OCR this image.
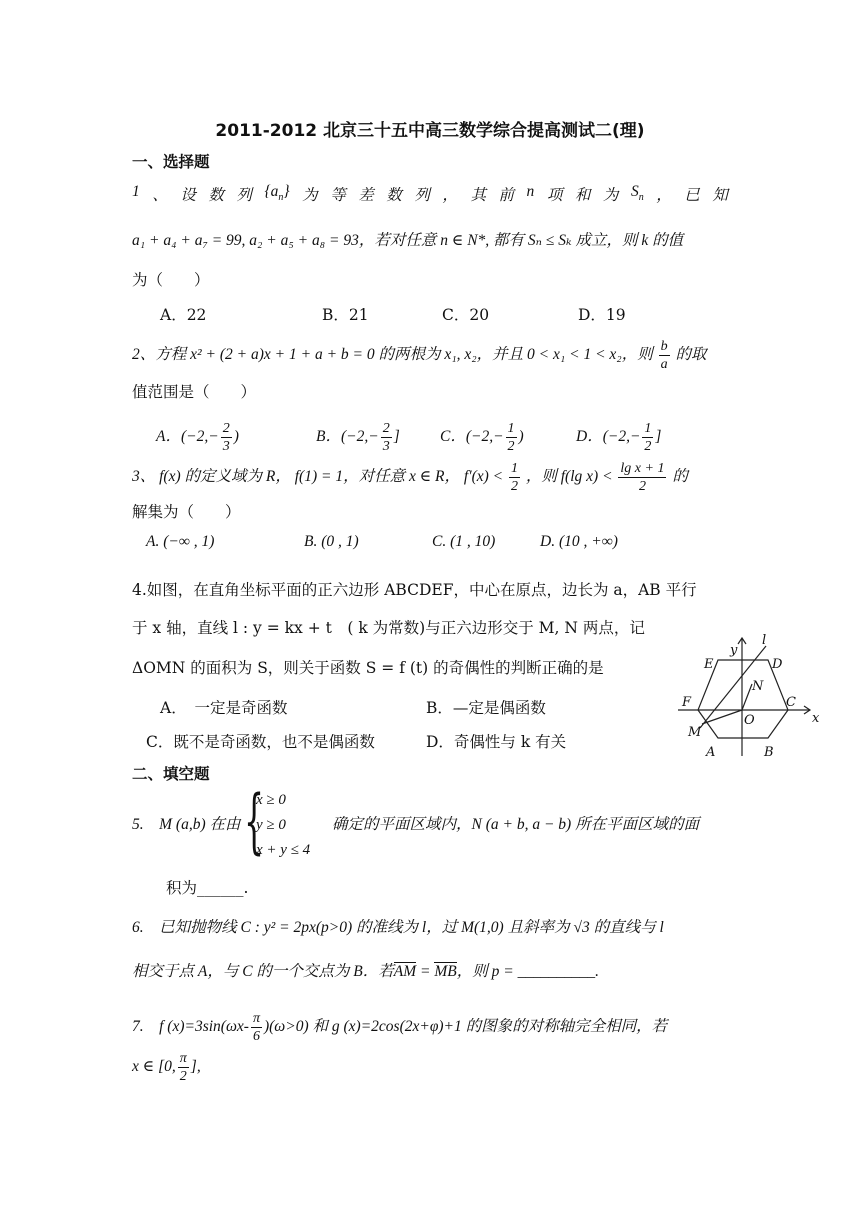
2011-2012 北京三十五中高三数学综合提高测试二(理)
一、选择题
1 、 设 数 列 $\{a_n\}$ 为 等 差 数 列 ， 其 前 n 项 和 为 $S_n$ ， 已 知
a₁ + a₄ + a₇ = 99, a₂ + a₅ + a₈ = 93，若对任意 n ∈ N*, 都有 Sₙ ≤ Sₖ 成立，则 k 的值
为（　　）
A．22	B．21	C．20	D．19
2、方程 x² + (2 + a)x + 1 + a + b = 0 的两根为 x₁, x₂，并且 0 < x₁ < 1 < x₂，则 $\frac{b}{a}$ 的取
值范围是（　　）
A．($-2,- \frac{2}{3}$ )	B．($-2,- \frac{2}{3}$ ]	C．($-2,- \frac{1}{2}$ )	D．($-2,- \frac{1}{2}$ ]
3、 f(x) 的定义域为 R， f(1) = 1，对任意 x ∈ R， $f'(x) < \frac{1}{2}$ ，则 f(lg $x) < \frac{\text{lg x + 1}}{2}$ 的
解集为（　　）
A. (−∞ , 1)	B. (0 , 1)	C. (1 , 10)	D. (10 , +∞)
4.如图，在直角坐标平面的正六边形 ABCDEF，中心在原点，边长为 a，AB 平行
于 x 轴，直线 l : y = kx + t　( k 为常数)与正六边形交于 M, N 两点，记
ΔOMN 的面积为 S，则关于函数 S = f (t) 的奇偶性的判断正确的是
A．　一定是奇函数	B．—定是偶函数
C．既不是奇函数，也不是偶函数	D．奇偶性与 k 有关
y
l
E	D
N
F	C
O	x
M
A	B
二、填空题
5.　M (a,b) 在由 {
x ≥ 0
y ≥ 0
x + y ≤ 4
确定的平面区域内，N (a + b, a − b) 所在平面区域的面
积为______.
6.　已知抛物线 C : y² = 2px(p>0) 的准线为 l，过 M(1,0) 且斜率为 √3 的直线与 l
相交于点 A，与 C 的一个交点为 B．若AM = MB，则 p = __________.
7.　f $(x)=3\sin(\omega x- \frac{\pi}{6} )(\omega>0)$ 和 g (x)=2cos(2x+φ)+1 的图象的对称轴完全相同，若
x ∈ [0, $\frac{\pi}{2}$ ],
